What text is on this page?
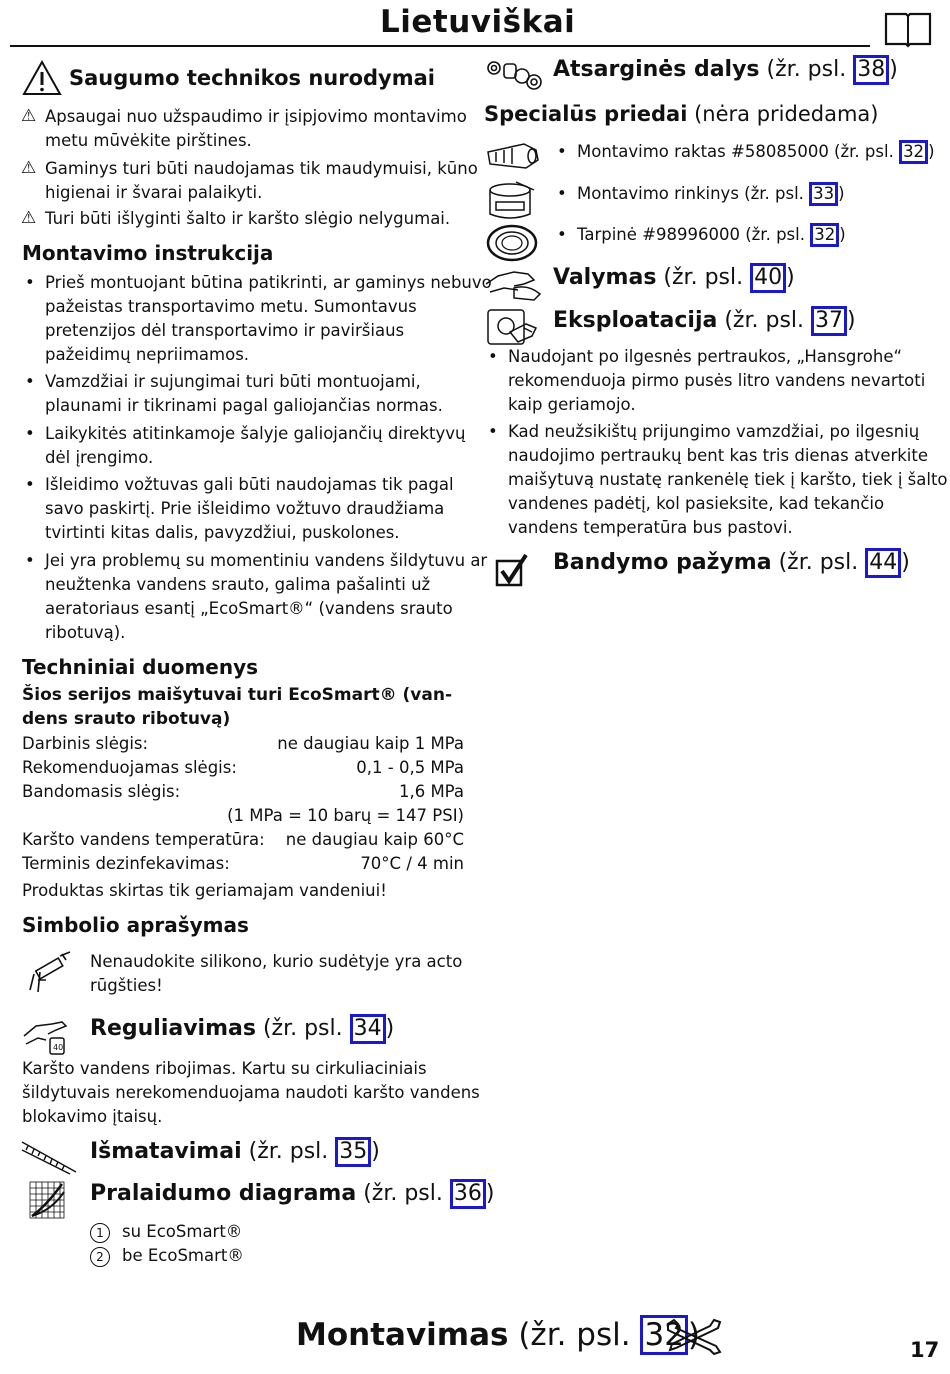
Lietuviškai
Saugumo technikos nurodymai
⚠ Apsaugai nuo užspaudimo ir įsipjovimo montavimo
metu mūvėkite pirštines.
⚠ Gaminys turi būti naudojamas tik maudymuisi, kūno
higienai ir švarai palaikyti.
⚠ Turi būti išlyginti šalto ir karšto slėgio nelygumai.
Montavimo instrukcija
• Prieš montuojant būtina patikrinti, ar gaminys nebuvo
pažeistas transportavimo metu. Sumontavus
pretenzijos dėl transportavimo ir paviršiaus
pažeidimų nepriimamos.
• Vamzdžiai ir sujungimai turi būti montuojami,
plaunami ir tikrinami pagal galiojančias normas.
• Laikykitės atitinkamoje šalyje galiojančių direktyvų
dėl įrengimo.
• Išleidimo vožtuvas gali būti naudojamas tik pagal
savo paskirtį. Prie išleidimo vožtuvo draudžiama
tvirtinti kitas dalis, pavyzdžiui, puskolones.
• Jei yra problemų su momentiniu vandens šildytuvu ar
neužtenka vandens srauto, galima pašalinti už
aeratoriaus esantį „EcoSmart®“ (vandens srauto
ribotuvą).
Techniniai duomenys
Šios serijos maišytuvai turi EcoSmart® (van-
dens srauto ribotuvą)
Darbinis slėgis:	ne daugiau kaip 1 MPa
Rekomenduojamas slėgis:	0,1 - 0,5 MPa
Bandomasis slėgis:	1,6 MPa
(1 MPa = 10 barų = 147 PSI)
Karšto vandens temperatūra: ne daugiau kaip 60°C
Terminis dezinfekavimas:	70°C / 4 min
Produktas skirtas tik geriamajam vandeniui!
Simbolio aprašymas
Nenaudokite silikono, kurio sudėtyje yra acto
rūgšties!
40
Reguliavimas (žr. psl. 34 )
Karšto vandens ribojimas. Kartu su cirkuliaciniais
šildytuvais nerekomenduojama naudoti karšto vandens
blokavimo įtaisų.
Išmatavimai (žr. psl. 35 )
Pralaidumo diagrama (žr. psl. 36 )
1 su EcoSmart®
2 be EcoSmart®
Atsarginės dalys (žr. psl. 38 )
Specialūs priedai (nėra pridedama)
• Montavimo raktas #58085000 (žr. psl. 32 )
• Montavimo rinkinys (žr. psl. 33 )
• Tarpinė #98996000 (žr. psl. 32 )
Valymas (žr. psl. 40 )
Eksploatacija (žr. psl. 37 )
• Naudojant po ilgesnės pertraukos, „Hansgrohe“
rekomenduoja pirmo pusės litro vandens nevartoti
kaip geriamojo.
• Kad neužsikištų prijungimo vamzdžiai, po ilgesnių
naudojimo pertraukų bent kas tris dienas atverkite
maišytuvą nustatę rankenėlę tiek į karšto, tiek į šalto
vandenes padėtį, kol pasieksite, kad tekančio
vandens temperatūra bus pastovi.
Bandymo pažyma (žr. psl. 44 )
Montavimas (žr. psl. 32 )	17
